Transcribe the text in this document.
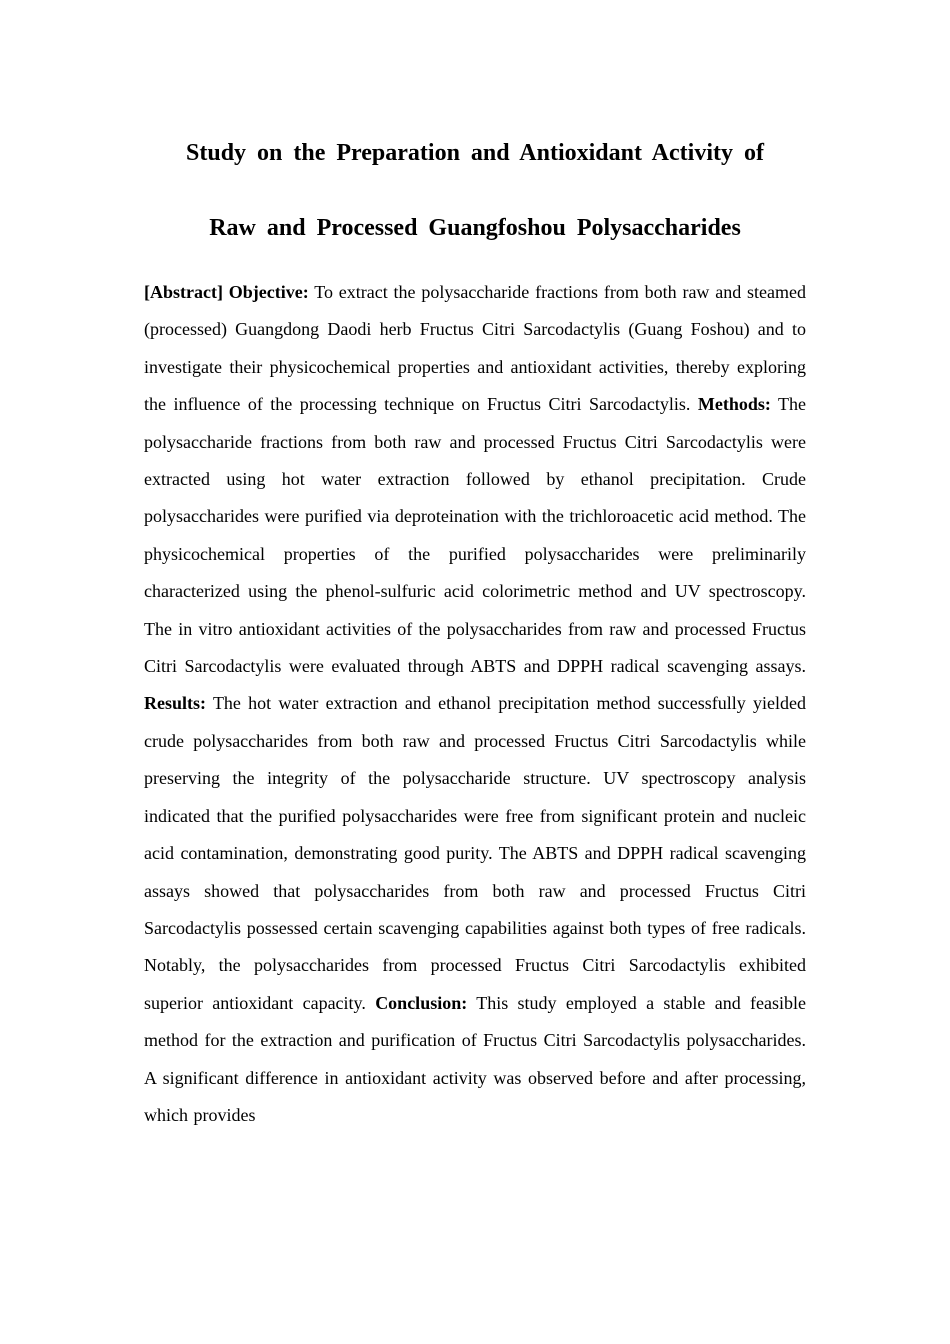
Study on the Preparation and Antioxidant Activity of
Raw and Processed Guangfoshou Polysaccharides

[Abstract] Objective: To extract the polysaccharide fractions from both raw and steamed (processed) Guangdong Daodi herb Fructus Citri Sarcodactylis (Guang Foshou) and to investigate their physicochemical properties and antioxidant activities, thereby exploring the influence of the processing technique on Fructus Citri Sarcodactylis. Methods: The polysaccharide fractions from both raw and processed Fructus Citri Sarcodactylis were extracted using hot water extraction followed by ethanol precipitation. Crude polysaccharides were purified via deproteination with the trichloroacetic acid method. The physicochemical properties of the purified polysaccharides were preliminarily characterized using the phenol-sulfuric acid colorimetric method and UV spectroscopy. The in vitro antioxidant activities of the polysaccharides from raw and processed Fructus Citri Sarcodactylis were evaluated through ABTS and DPPH radical scavenging assays. Results: The hot water extraction and ethanol precipitation method successfully yielded crude polysaccharides from both raw and processed Fructus Citri Sarcodactylis while preserving the integrity of the polysaccharide structure. UV spectroscopy analysis indicated that the purified polysaccharides were free from significant protein and nucleic acid contamination, demonstrating good purity. The ABTS and DPPH radical scavenging assays showed that polysaccharides from both raw and processed Fructus Citri Sarcodactylis possessed certain scavenging capabilities against both types of free radicals. Notably, the polysaccharides from processed Fructus Citri Sarcodactylis exhibited superior antioxidant capacity. Conclusion: This study employed a stable and feasible method for the extraction and purification of Fructus Citri Sarcodactylis polysaccharides. A significant difference in antioxidant activity was observed before and after processing, which provides
